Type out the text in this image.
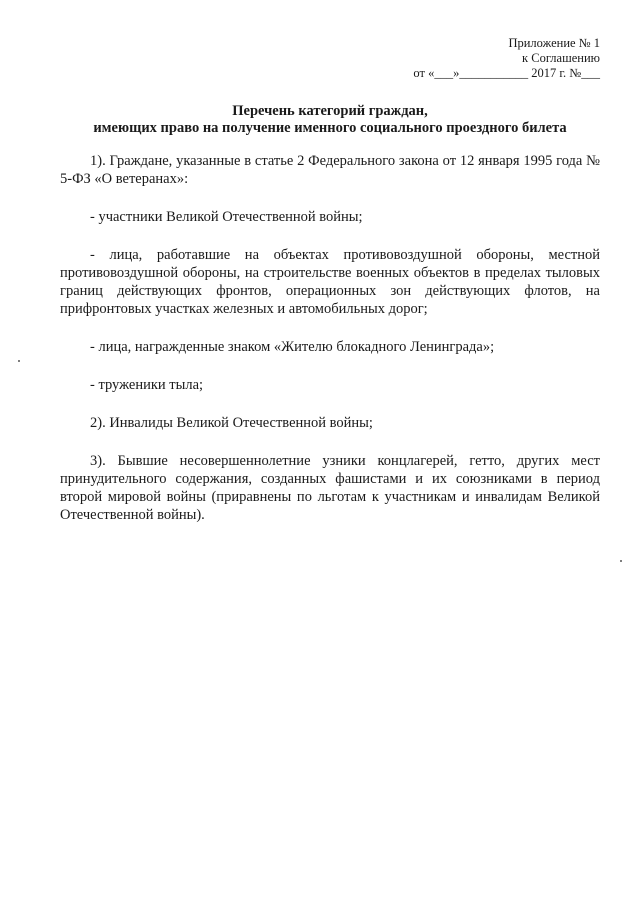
Приложение № 1
к Соглашению
от «___»___________ 2017 г. №___
Перечень категорий граждан,
имеющих право на получение именного социального проездного билета

1). Граждане, указанные в статье 2 Федерального закона от 12 января 1995 года № 5-ФЗ «О ветеранах»:

- участники Великой Отечественной войны;

- лица, работавшие на объектах противовоздушной обороны, местной противовоздушной обороны, на строительстве военных объектов в пределах тыловых границ действующих фронтов, операционных зон действующих флотов, на прифронтовых участках железных и автомобильных дорог;

- лица, награжденные знаком «Жителю блокадного Ленинграда»;

- труженики тыла;

2). Инвалиды Великой Отечественной войны;

3). Бывшие несовершеннолетние узники концлагерей, гетто, других мест принудительного содержания, созданных фашистами и их союзниками в период второй мировой войны (приравнены по льготам к участникам и инвалидам Великой Отечественной войны).
